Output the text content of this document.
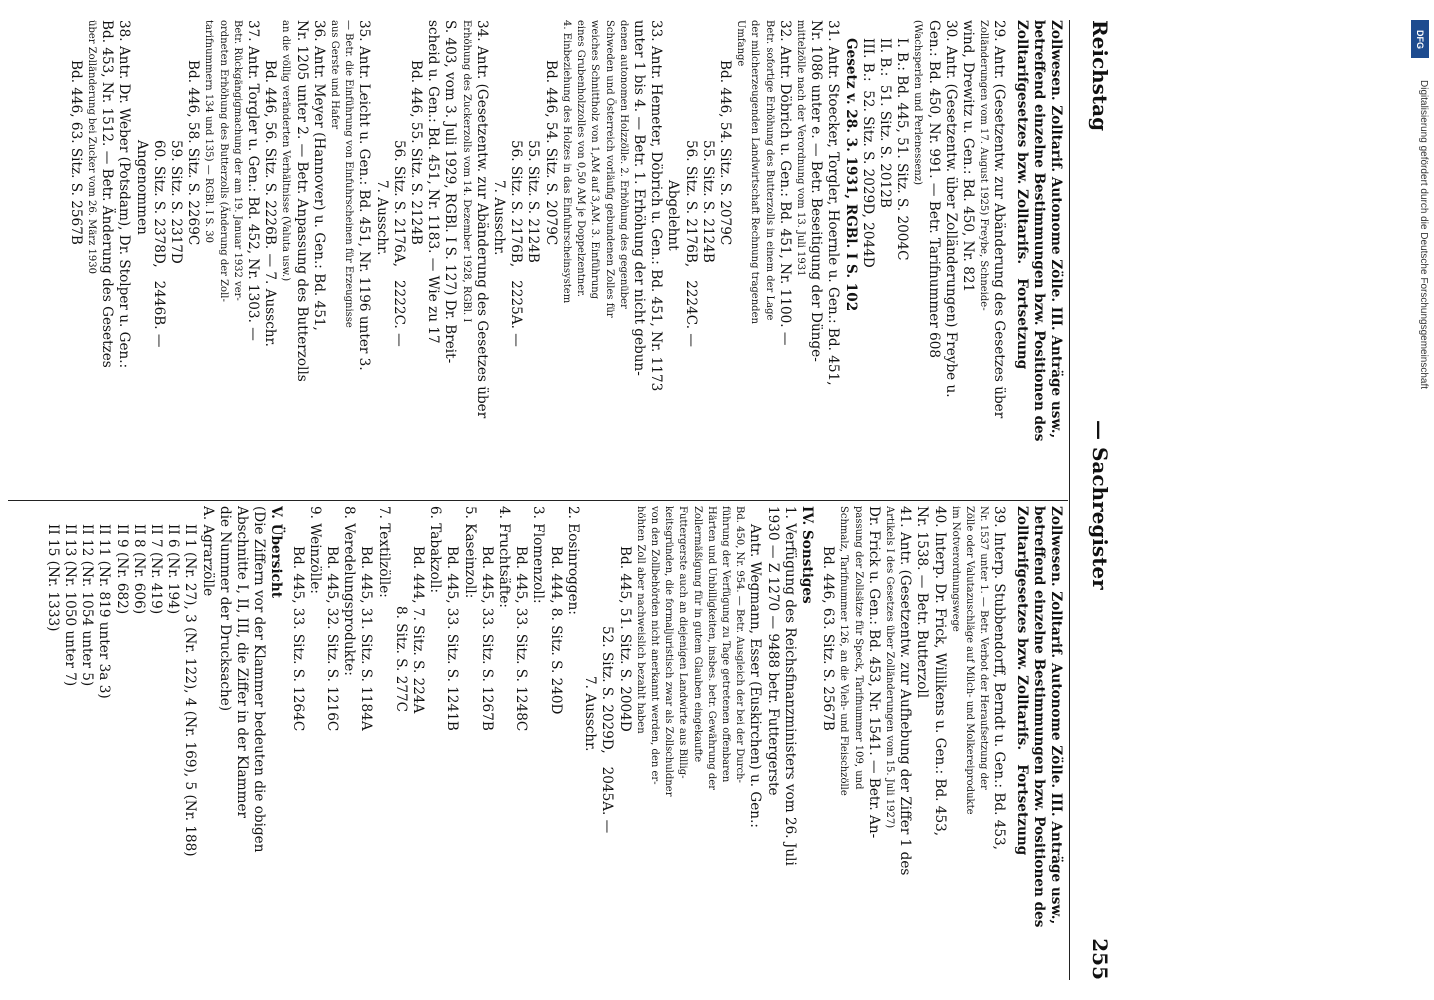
Reichstag
— Sachregister
255
Zollwesen. Zolltarif. Autonome Zölle. III. Anträge usw.,
betreffend einzelne Bestimmungen bzw. Positionen des
Zolltarifgesetzes bzw. Zolltarifs.   Fortsetzung
29. Antr. (Gesetzentw. zur Abänderung des Gesetzes über
Zolländerungen vom 17. August 1925) Freybe, Schneide-
wind, Drewitz u. Gen.: Bd. 450, Nr. 821
30. Antr. (Gesetzentw. über Zolländerungen) Freybe u.
Gen.: Bd. 450, Nr. 991. — Betr. Tarifnummer 608
(Wachsperlen und Perlenessenz)
I. B.: Bd. 445, 51. Sitz. S. 2004C
II. B.:  51. Sitz. S. 2012B
III. B.:  52. Sitz. S. 2029D, 2044D
Gesetz v. 28. 3. 1931, RGBl. I S. 102
31. Antr. Stoecker, Torgler, Hoernle u. Gen.: Bd. 451,
Nr. 1086 unter e. — Betr. Beseitigung der Dünge-
mittelzölle nach der Verordnung vom 13. Juli 1931
32. Antr. Döbrich u. Gen.: Bd. 451, Nr. 1100. —
Betr. sofortige Erhöhung des Butterzolls in einem der Lage
der milcherzeugenden Landwirtschaft Rechnung tragenden
Umfange
Bd. 446, 54. Sitz. S. 2079C
55. Sitz. S. 2124B
56. Sitz. S. 2176B,   2224C. —
Abgelehnt
33. Antr. Hemeter, Döbrich u. Gen.: Bd. 451, Nr. 1173
unter 1 bis 4. — Betr. 1. Erhöhung der nicht gebun-
denen autonomen Holzzölle. 2. Erhöhung des gegenüber
Schweden und Österreich vorläufig gebundenen Zolles für
weiches Schnittholz von 1,AM auf 3,AM. 3. Einführung
eines Grubenholzzolles von 0,50 AM je Doppelzentner.
4. Einbeziehung des Holzes in das Einfuhrscheinsystem
Bd. 446, 54. Sitz. S. 2079C
55. Sitz. S. 2124B
56. Sitz. S. 2176B,   2225A. —
7. Ausschr.
34. Antr. (Gesetzentw. zur Abänderung des Gesetzes über
Erhöhung des Zuckerzolls vom 14. Dezember 1928, RGBl. I
S. 403, vom 3. Juli 1929, RGBl. I S. 127) Dr. Breit-
scheid u. Gen.: Bd. 451, Nr. 1183. — Wie zu 17
Bd. 446, 55. Sitz. S. 2124B
56. Sitz. S. 2176A,   2222C. —
7. Ausschr.
35. Antr. Leicht u. Gen.: Bd. 451, Nr. 1196 unter 3.
— Betr. die Einführung von Einfuhrscheinen für Erzeugnisse
aus Gerste und Hafer
36. Antr. Meyer (Hannover) u. Gen.: Bd. 451,
Nr. 1205 unter 2. — Betr. Anpassung des Butterzolls
an die völlig veränderten Verhältnisse (Valuta usw.)
Bd. 446, 56. Sitz. S. 2226B. — 7. Ausschr.
37. Antr. Torgler u. Gen.: Bd. 452, Nr. 1303. —
Betr. Rückgängigmachung der am 19. Januar 1932 ver-
ordneten Erhöhung des Butterzolls (Änderung der Zoll-
tarifnummern 134 und 135) — RGBl. I S. 30
Bd. 446, 58. Sitz. S. 2269C
59. Sitz. S. 2317D
60. Sitz. S. 2378D,   2446B. —
Angenommen
38. Antr. Dr. Weber (Potsdam), Dr. Stolper u. Gen.:
Bd. 453, Nr. 1512. — Betr. Änderung des Gesetzes
über Zolländerung bei Zucker vom 26. März 1930
Bd. 446, 63. Sitz. S. 2567B
Zollwesen. Zolltarif. Autonome Zölle. III. Anträge usw.,
betreffend einzelne Bestimmungen bzw. Positionen des
Zolltarifgesetzes bzw. Zolltarifs.   Fortsetzung
39. Interp. Stubbendorff, Berndt u. Gen.: Bd. 453,
Nr. 1537 unter 1. — Betr. Verbot der Heraufsetzung der
Zölle oder Valutazuschläge auf Milch- und Molkereiprodukte
im Notverordnungswege
40. Interp. Dr. Frick, Willikens u. Gen.: Bd. 453,
Nr. 1538. — Betr. Butterzoll
41. Antr. (Gesetzentw. zur Aufhebung der Ziffer 1 des
Artikels I des Gesetzes über Zolländerungen vom 15. Juli 1927)
Dr. Frick u. Gen.: Bd. 453, Nr. 1541. — Betr. An-
passung der Zollsätze für Speck, Tarifnummer 109, und
Schmalz, Tarifnummer 126, an die Vieh- und Fleischzölle
Bd. 446, 63. Sitz. S. 2567B
IV. Sonstiges
1. Verfügung des Reichsfinanzministers vom 26. Juli
1930 — Z 1270 — 9488 betr. Futtergerste
Antr. Wegmann, Esser (Euskirchen) u. Gen.:
Bd. 450, Nr. 954. — Betr. Ausgleich der bei der Durch-
führung der Verfügung zu Tage getretenen offenbaren
Härten und Unbilligkeiten, insbes. betr. Gewährung der
Zollermäßigung für in gutem Glauben eingekaufte
Futtergerste auch an diejenigen Landwirte aus Billig-
keitsgründen, die formaljuristisch zwar als Zollschuldner
von den Zollbehörden nicht anerkannt werden, den er-
höhten Zoll aber nachweislich bezahlt haben
Bd. 445, 51. Sitz. S. 2004D
52. Sitz. S. 2029D,   2045A. —
7. Ausschr.
2. Eosinroggen:
Bd. 444, 8. Sitz. S. 240D
3. Flomenzoll:
Bd. 445, 33. Sitz. S. 1248C
4. Fruchtsäfte:
Bd. 445, 33. Sitz. S. 1267B
5. Kaseinzoll:
Bd. 445, 33. Sitz. S. 1241B
6. Tabakzoll:
Bd. 444, 7. Sitz. S. 224A
8. Sitz. S. 277C
7. Textilzölle:
Bd. 445, 31. Sitz. S. 1184A
8. Veredelungsprodukte:
Bd. 445, 32. Sitz. S. 1216C
9. Weinzölle:
Bd. 445, 33. Sitz. S. 1264C
V. Übersicht
(Die Ziffern vor der Klammer bedeuten die obigen
Abschnitte I, II, III, die Ziffer in der Klammer
die Nummer der Drucksache)
A. Agrarzölle
II 1 (Nr. 27), 3 (Nr. 122), 4 (Nr. 169), 5 (Nr. 188)
II 6 (Nr. 194)
II 7 (Nr. 419)
II 8 (Nr. 606)
II 9 (Nr. 682)
II 11 (Nr. 819 unter 3a 3)
II 12 (Nr. 1054 unter 5)
II 13 (Nr. 1050 unter 7)
II 15 (Nr. 1333)
DFG
Digitalisierung gefördert durch die Deutsche Forschungsgemeinschaft
